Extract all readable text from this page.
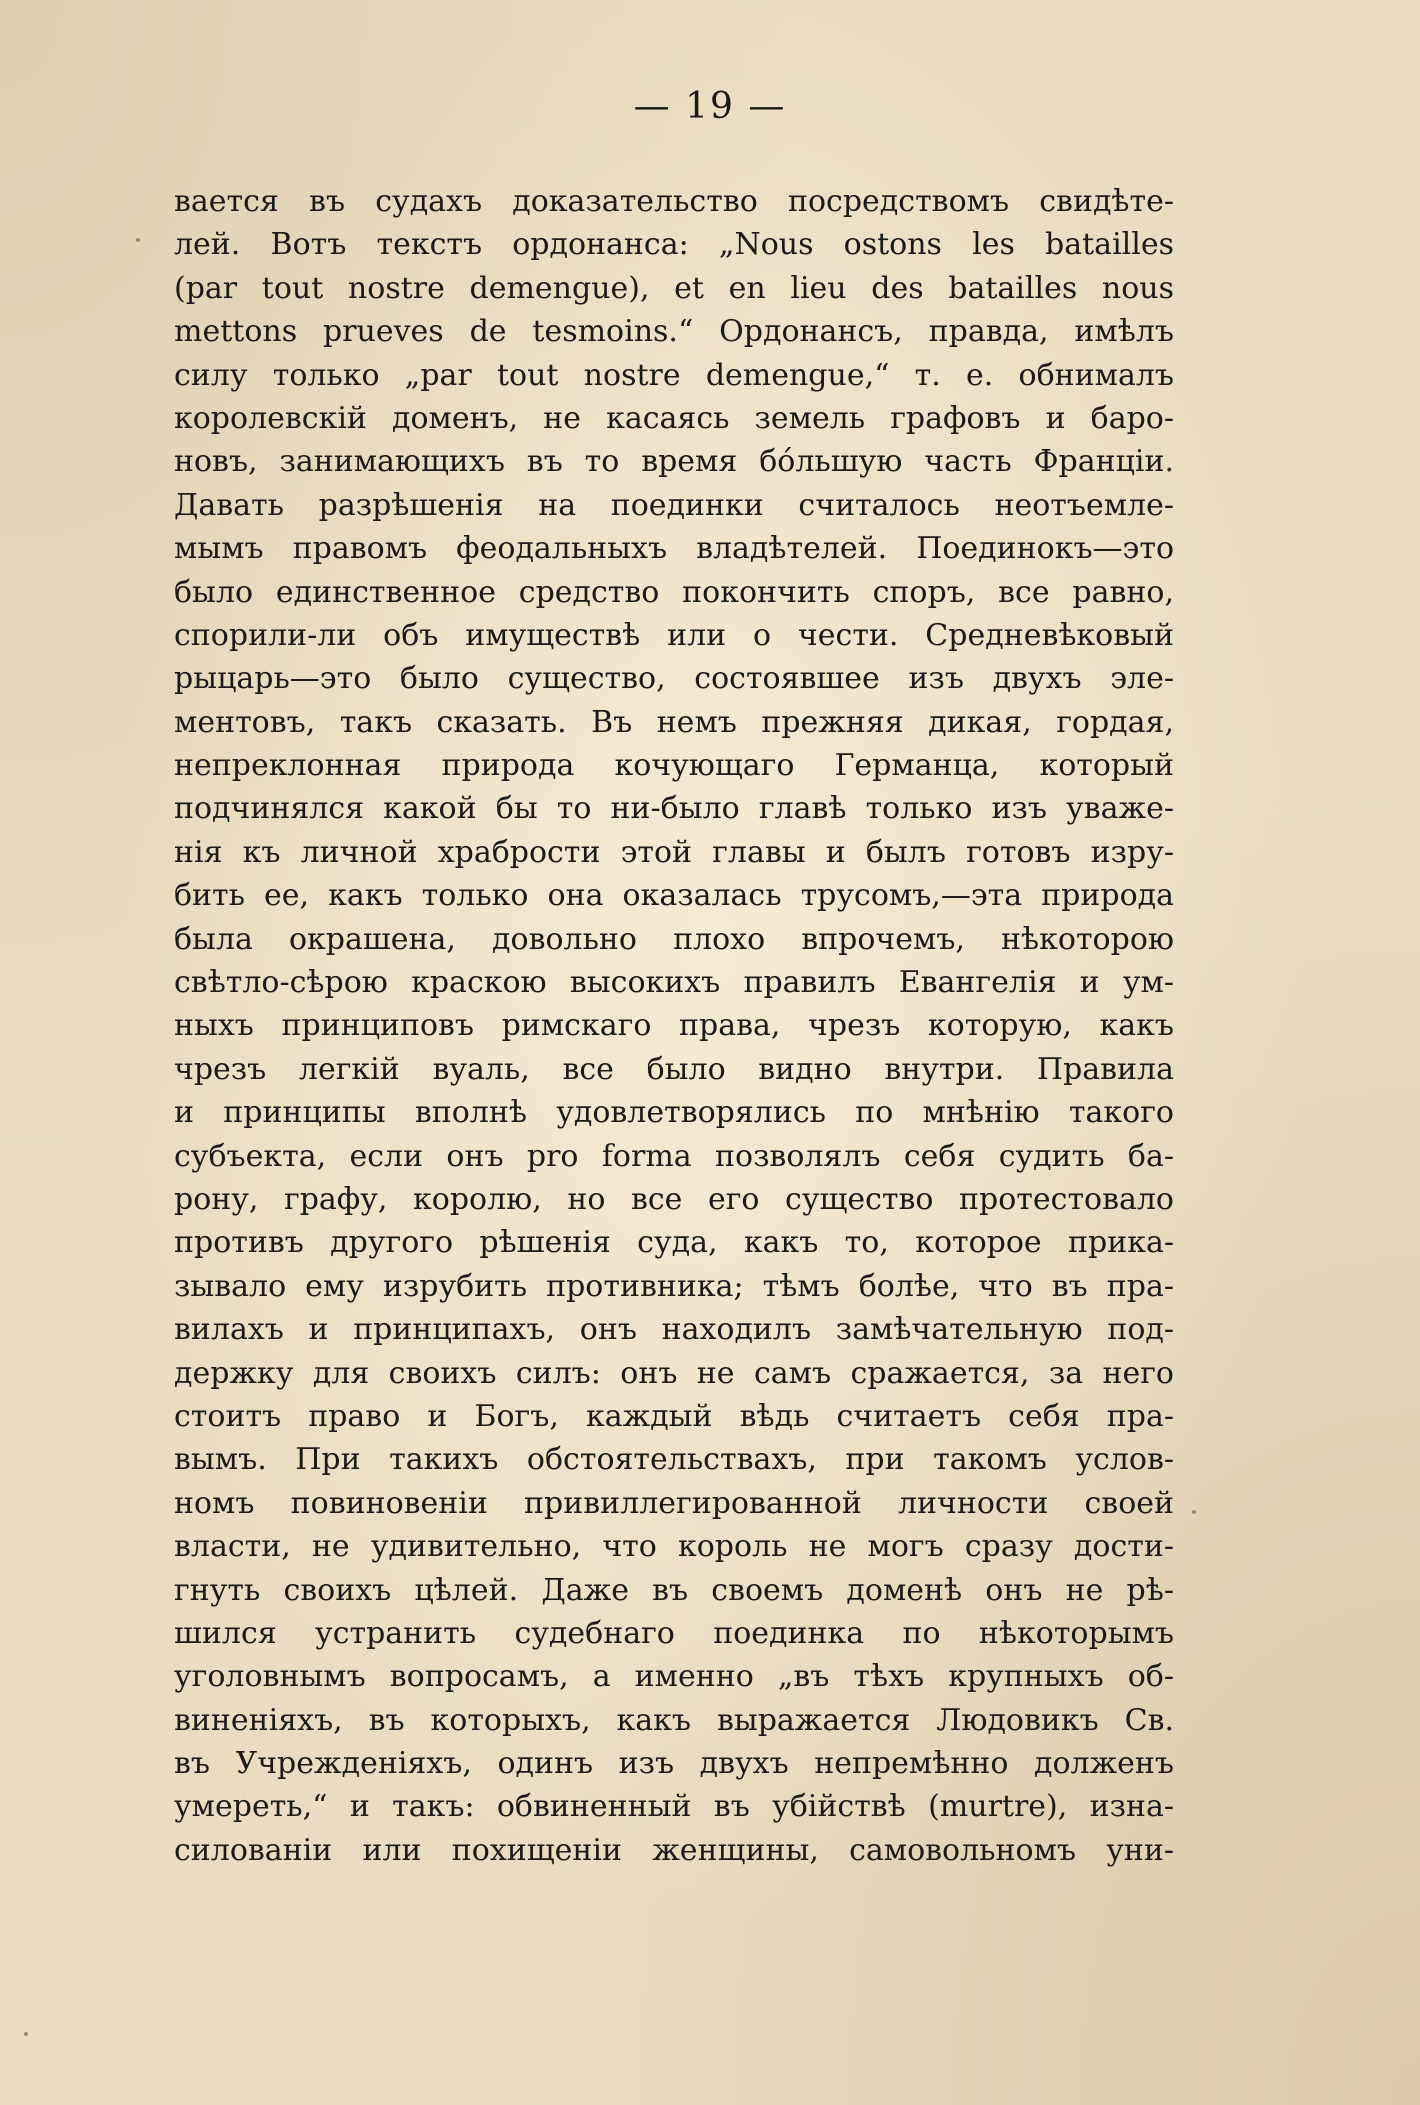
— 19 —
вается въ судахъ доказательство посредствомъ свидѣте-
лей. Вотъ текстъ ордонанса: „Nous ostons les batailles
(par tout nostre demengue), et en lieu des batailles nous
mettons prueves de tesmoins.“ Ордонансъ, правда, имѣлъ
силу только „par tout nostre demengue,“ т. е. обнималъ
королевскій доменъ, не касаясь земель графовъ и баро-
новъ, занимающихъ въ то время бóльшую часть Франціи.
Давать разрѣшенія на поединки считалось неотъемле-
мымъ правомъ феодальныхъ владѣтелей. Поединокъ—это
было единственное средство покончить споръ, все равно,
спорили-ли объ имуществѣ или о чести. Средневѣковый
рыцарь—это было существо, состоявшее изъ двухъ эле-
ментовъ, такъ сказать. Въ немъ прежняя дикая, гордая,
непреклонная природа кочующаго Германца, который
подчинялся какой бы то ни-было главѣ только изъ уваже-
нія къ личной храбрости этой главы и былъ готовъ изру-
бить ее, какъ только она оказалась трусомъ,—эта природа
была окрашена, довольно плохо впрочемъ, нѣкоторою
свѣтло-сѣрою краскою высокихъ правилъ Евангелія и ум-
ныхъ принциповъ римскаго права, чрезъ которую, какъ
чрезъ легкій вуаль, все было видно внутри. Правила
и принципы вполнѣ удовлетворялись по мнѣнію такого
субъекта, если онъ pro forma позволялъ себя судить ба-
рону, графу, королю, но все его существо протестовало
противъ другого рѣшенія суда, какъ то, которое прика-
зывало ему изрубить противника; тѣмъ болѣе, что въ пра-
вилахъ и принципахъ, онъ находилъ замѣчательную под-
держку для своихъ силъ: онъ не самъ сражается, за него
стоитъ право и Богъ, каждый вѣдь считаетъ себя пра-
вымъ. При такихъ обстоятельствахъ, при такомъ услов-
номъ повиновеніи привиллегированной личности своей
власти, не удивительно, что король не могъ сразу дости-
гнуть своихъ цѣлей. Даже въ своемъ доменѣ онъ не рѣ-
шился устранить судебнаго поединка по нѣкоторымъ
уголовнымъ вопросамъ, а именно „въ тѣхъ крупныхъ об-
виненіяхъ, въ которыхъ, какъ выражается Людовикъ Св.
въ Учрежденіяхъ, одинъ изъ двухъ непремѣнно долженъ
умереть,“ и такъ: обвиненный въ убійствѣ (murtre), изна-
силованіи или похищеніи женщины, самовольномъ уни-
